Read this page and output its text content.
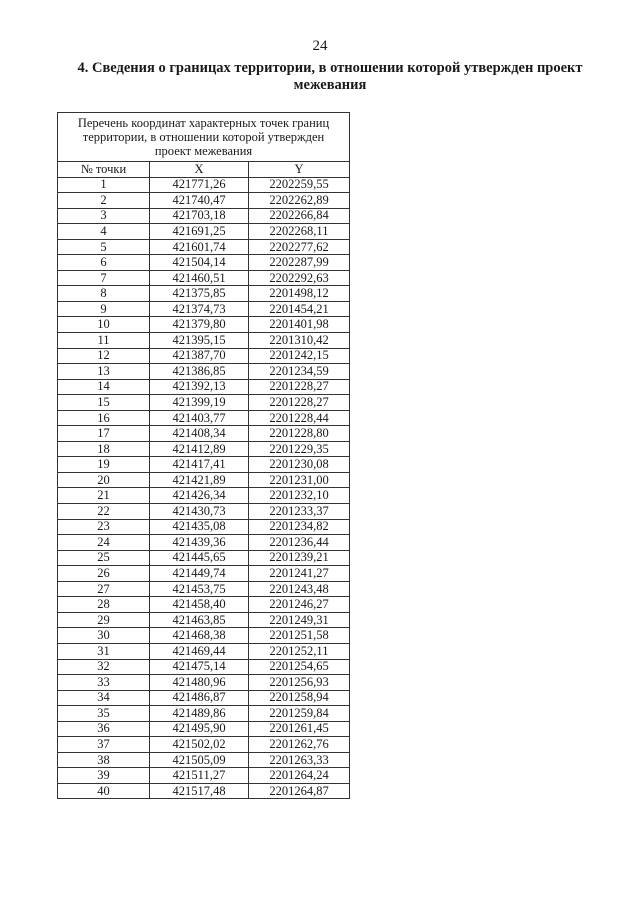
24
4. Сведения о границах территории, в отношении которой утвержден проект межевания
Перечень координат характерных точек границ территории, в отношении которой утвержден проект межевания		
№ точки	X	Y
1	421771,26	2202259,55
2	421740,47	2202262,89
3	421703,18	2202266,84
4	421691,25	2202268,11
5	421601,74	2202277,62
6	421504,14	2202287,99
7	421460,51	2202292,63
8	421375,85	2201498,12
9	421374,73	2201454,21
10	421379,80	2201401,98
11	421395,15	2201310,42
12	421387,70	2201242,15
13	421386,85	2201234,59
14	421392,13	2201228,27
15	421399,19	2201228,27
16	421403,77	2201228,44
17	421408,34	2201228,80
18	421412,89	2201229,35
19	421417,41	2201230,08
20	421421,89	2201231,00
21	421426,34	2201232,10
22	421430,73	2201233,37
23	421435,08	2201234,82
24	421439,36	2201236,44
25	421445,65	2201239,21
26	421449,74	2201241,27
27	421453,75	2201243,48
28	421458,40	2201246,27
29	421463,85	2201249,31
30	421468,38	2201251,58
31	421469,44	2201252,11
32	421475,14	2201254,65
33	421480,96	2201256,93
34	421486,87	2201258,94
35	421489,86	2201259,84
36	421495,90	2201261,45
37	421502,02	2201262,76
38	421505,09	2201263,33
39	421511,27	2201264,24
40	421517,48	2201264,87
